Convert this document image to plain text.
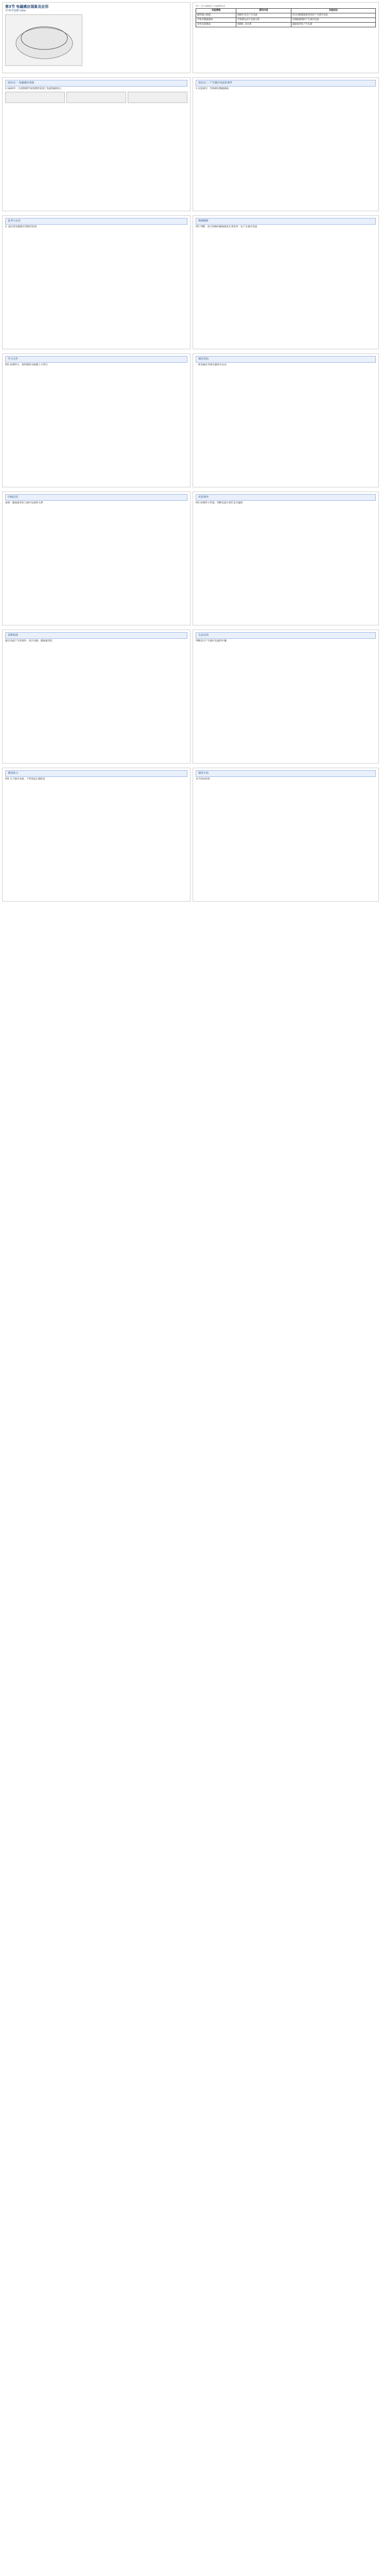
第3节 电磁感应现象及应用
学·科学思维 intro
第十三章 电磁感应与电磁波初步
实验情境	探究内容	实验结论
磁铁插入线圈	线圈中是否产生电流	闭合回路磁通量变化时产生感应电流
导体切割磁感线	导体棒运动与电流关系	切割磁感线时产生感应电流
改变电流强弱	线圈A、B关系	磁通量变化产生电流
知识点一 电磁感应现象
1.1820年，丹麦物理学家奥斯特发现了电流的磁效应。
知识点二 产生感应电流的条件
1.实验探究：导体棒切割磁感线
思考与讨论
2. 法拉第电磁感应现象的发现
典例精析
例1 判断：闭合回路的磁通量发生变化时一定产生感应电流
学习合作
例2 如图所示，条形磁铁从线圈上方穿过
课堂巩固
一条金属直导线在磁场中运动
归纳总结
表格：磁通量变化与感应电流的关系
实验探究
例3 如图所示装置，判断电流计指针是否偏转
思维拓展
感应电流产生的条件：闭合电路、磁通量变化
方法总结
判断是否产生感应电流的步骤
课堂练习
例4 关于感应电流，下列说法正确的是
课堂小结
本节知识结构
